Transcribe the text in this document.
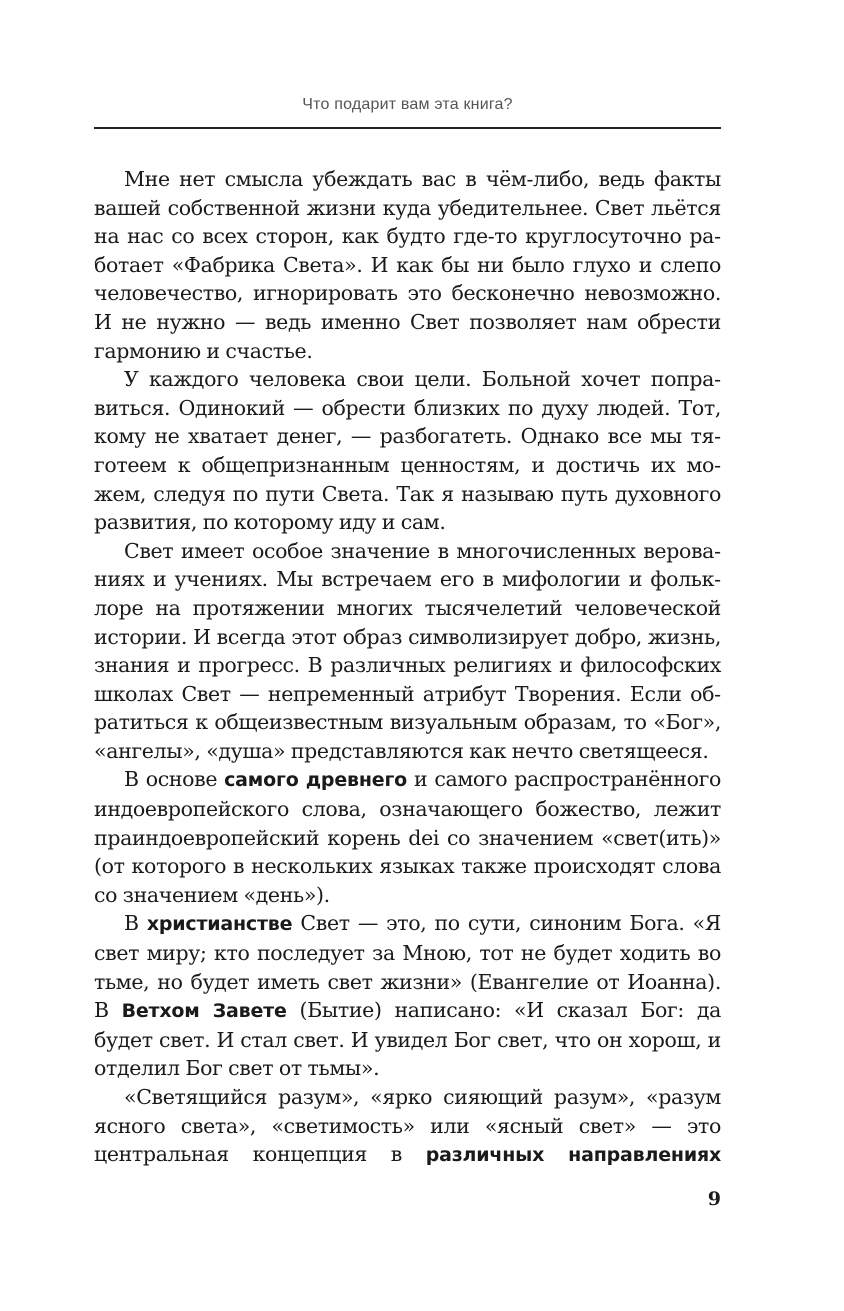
Что подарит вам эта книга?

Мне нет смысла убеждать вас в чём-либо, ведь факты вашей собственной жизни куда убедительнее. Свет льётся на нас со всех сторон, как будто где-то круглосуточно работает «Фабрика Света». И как бы ни было глухо и слепо человечество, игнорировать это бесконечно невозможно. И не нужно — ведь именно Свет позволяет нам обрести гармонию и счастье.

У каждого человека свои цели. Больной хочет поправиться. Одинокий — обрести близких по духу людей. Тот, кому не хватает денег, — разбогатеть. Однако все мы тяготеем к общепризнанным ценностям, и достичь их можем, следуя по пути Света. Так я называю путь духовного развития, по которому иду и сам.

Свет имеет особое значение в многочисленных верованиях и учениях. Мы встречаем его в мифологии и фольклоре на протяжении многих тысячелетий человеческой истории. И всегда этот образ символизирует добро, жизнь, знания и прогресс. В различных религиях и философских школах Свет — непременный атрибут Творения. Если обратиться к общеизвестным визуальным образам, то «Бог», «ангелы», «душа» представляются как нечто светящееся.

В основе самого древнего и самого распространённого индоевропейского слова, означающего божество, лежит праиндоевропейский корень dei со значением «свет(ить)» (от которого в нескольких языках также происходят слова со значением «день»).

В христианстве Свет — это, по сути, синоним Бога. «Я свет миру; кто последует за Мною, тот не будет ходить во тьме, но будет иметь свет жизни» (Евангелие от Иоанна). В Ветхом Завете (Бытие) написано: «И сказал Бог: да будет свет. И стал свет. И увидел Бог свет, что он хорош, и отделил Бог свет от тьмы».

«Светящийся разум», «ярко сияющий разум», «разум ясного света», «светимость» или «ясный свет» — это центральная концепция в различных направлениях

9
